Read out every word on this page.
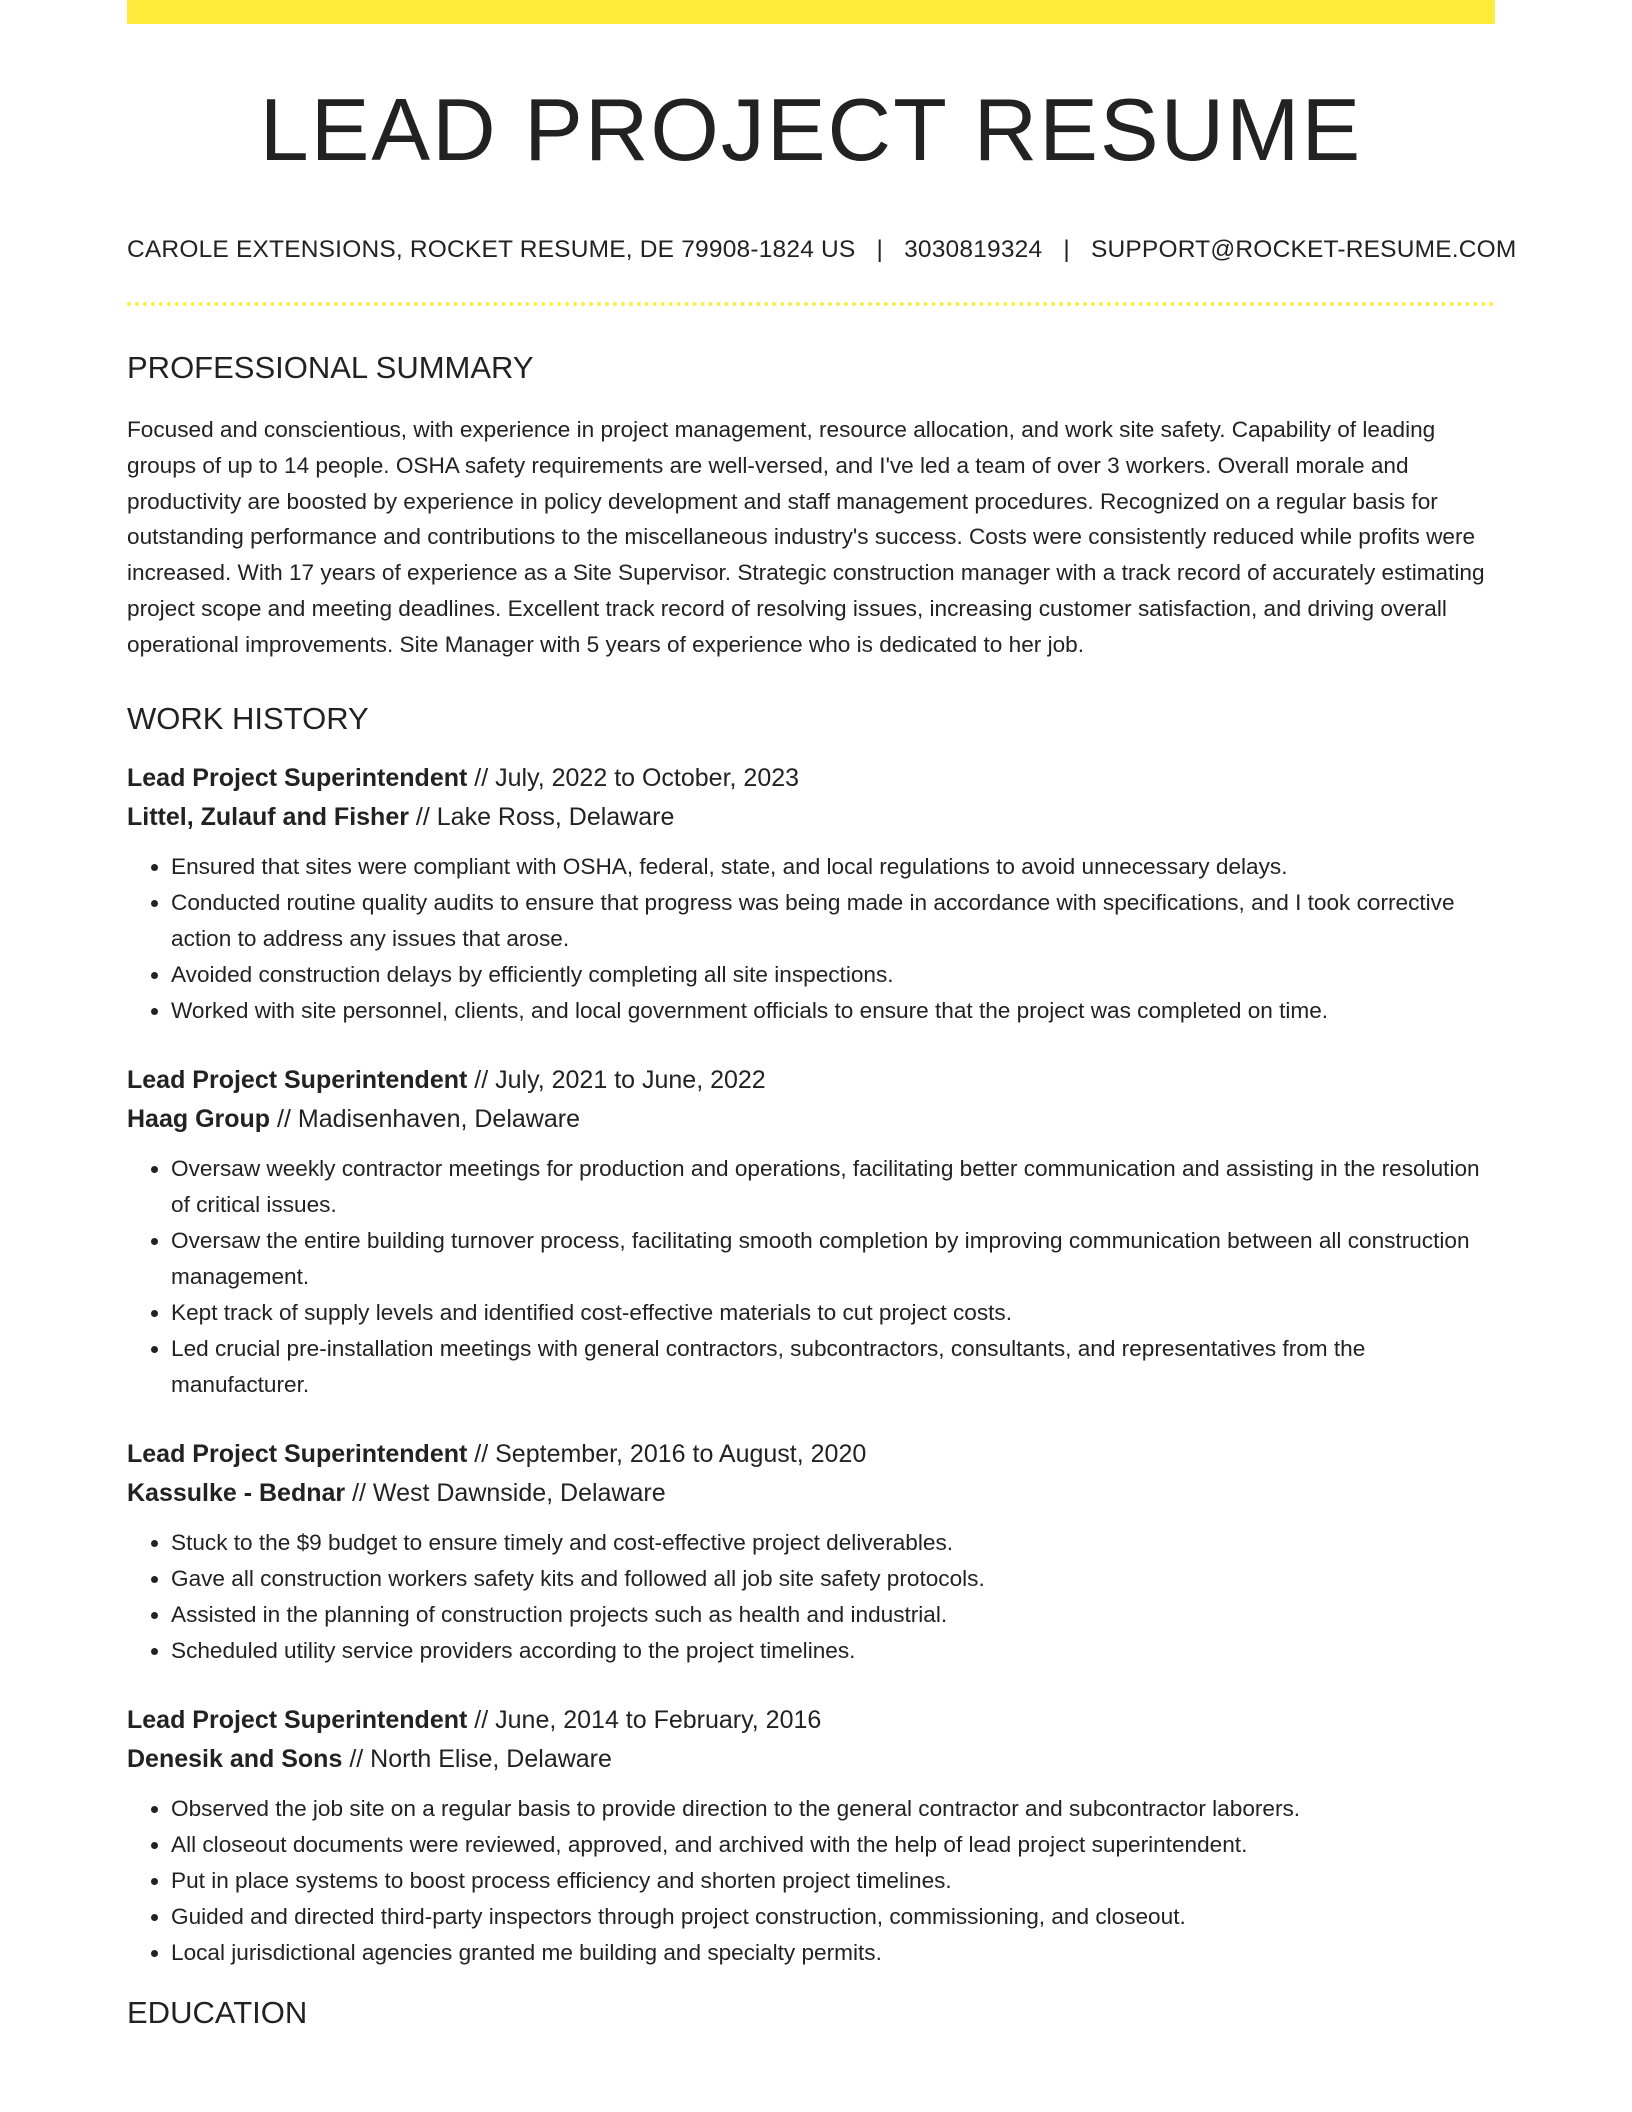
LEAD PROJECT RESUME
CAROLE EXTENSIONS, ROCKET RESUME, DE 79908-1824 US | 3030819324 | SUPPORT@ROCKET-RESUME.COM
PROFESSIONAL SUMMARY

Focused and conscientious, with experience in project management, resource allocation, and work site safety. Capability of leading groups of up to 14 people. OSHA safety requirements are well-versed, and I've led a team of over 3 workers. Overall morale and productivity are boosted by experience in policy development and staff management procedures. Recognized on a regular basis for outstanding performance and contributions to the miscellaneous industry's success. Costs were consistently reduced while profits were increased. With 17 years of experience as a Site Supervisor. Strategic construction manager with a track record of accurately estimating project scope and meeting deadlines. Excellent track record of resolving issues, increasing customer satisfaction, and driving overall operational improvements. Site Manager with 5 years of experience who is dedicated to her job.

WORK HISTORY
Lead Project Superintendent // July, 2022 to October, 2023
Littel, Zulauf and Fisher // Lake Ross, Delaware
• Ensured that sites were compliant with OSHA, federal, state, and local regulations to avoid unnecessary delays.
• Conducted routine quality audits to ensure that progress was being made in accordance with specifications, and I took corrective action to address any issues that arose.
• Avoided construction delays by efficiently completing all site inspections.
• Worked with site personnel, clients, and local government officials to ensure that the project was completed on time.
Lead Project Superintendent // July, 2021 to June, 2022
Haag Group // Madisenhaven, Delaware
• Oversaw weekly contractor meetings for production and operations, facilitating better communication and assisting in the resolution of critical issues.
• Oversaw the entire building turnover process, facilitating smooth completion by improving communication between all construction management.
• Kept track of supply levels and identified cost-effective materials to cut project costs.
• Led crucial pre-installation meetings with general contractors, subcontractors, consultants, and representatives from the manufacturer.
Lead Project Superintendent // September, 2016 to August, 2020
Kassulke - Bednar // West Dawnside, Delaware
• Stuck to the $9 budget to ensure timely and cost-effective project deliverables.
• Gave all construction workers safety kits and followed all job site safety protocols.
• Assisted in the planning of construction projects such as health and industrial.
• Scheduled utility service providers according to the project timelines.
Lead Project Superintendent // June, 2014 to February, 2016
Denesik and Sons // North Elise, Delaware
• Observed the job site on a regular basis to provide direction to the general contractor and subcontractor laborers.
• All closeout documents were reviewed, approved, and archived with the help of lead project superintendent.
• Put in place systems to boost process efficiency and shorten project timelines.
• Guided and directed third-party inspectors through project construction, commissioning, and closeout.
• Local jurisdictional agencies granted me building and specialty permits.
EDUCATION
